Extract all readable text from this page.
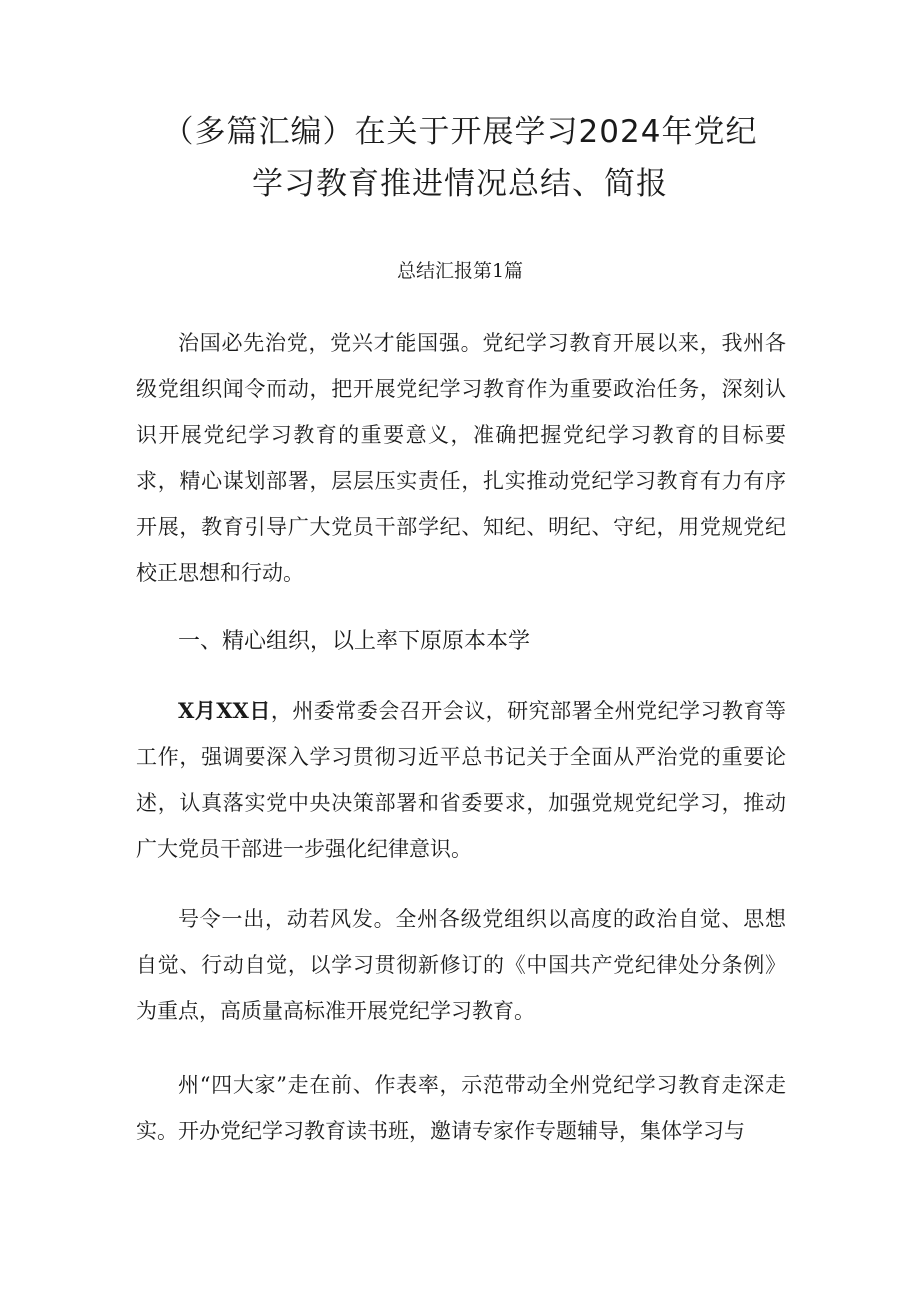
（多篇汇编）在关于开展学习2024年党纪
学习教育推进情况总结、简报
总结汇报第1篇

治国必先治党，党兴才能国强。党纪学习教育开展以来，我州各级党组织闻令而动，把开展党纪学习教育作为重要政治任务，深刻认识开展党纪学习教育的重要意义，准确把握党纪学习教育的目标要求，精心谋划部署，层层压实责任，扎实推动党纪学习教育有力有序开展，教育引导广大党员干部学纪、知纪、明纪、守纪，用党规党纪校正思想和行动。

一、精心组织，以上率下原原本本学

X月XX日，州委常委会召开会议，研究部署全州党纪学习教育等工作，强调要深入学习贯彻习近平总书记关于全面从严治党的重要论述，认真落实党中央决策部署和省委要求，加强党规党纪学习，推动广大党员干部进一步强化纪律意识。

号令一出，动若风发。全州各级党组织以高度的政治自觉、思想自觉、行动自觉，以学习贯彻新修订的《中国共产党纪律处分条例》为重点，高质量高标准开展党纪学习教育。

州“四大家”走在前、作表率，示范带动全州党纪学习教育走深走实。开办党纪学习教育读书班，邀请专家作专题辅导，集体学习与
